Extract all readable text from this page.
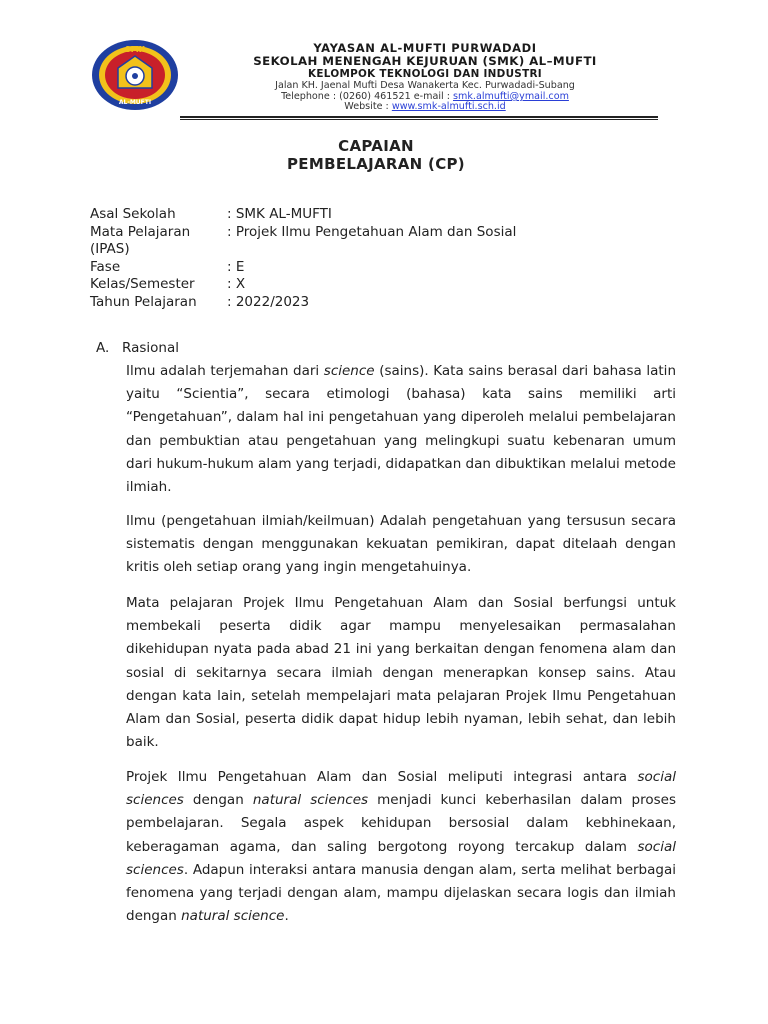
SMK
AL-MUFTI
YAYASAN AL-MUFTI PURWADADI
SEKOLAH MENENGAH KEJURUAN (SMK) AL–MUFTI
KELOMPOK TEKNOLOGI DAN INDUSTRI
Jalan KH. Jaenal Mufti Desa Wanakerta Kec. Purwadadi-Subang
Telephone : (0260) 461521 e-mail : smk.almufti@ymail.com
Website : www.smk-almufti.sch.id
CAPAIAN
PEMBELAJARAN (CP)
Asal Sekolah	: SMK AL-MUFTI
Mata Pelajaran	: Projek Ilmu Pengetahuan Alam dan Sosial
(IPAS)
Fase	: E
Kelas/Semester : X
Tahun Pelajaran : 2022/2023
A. Rasional
Ilmu adalah terjemahan dari science (sains). Kata sains berasal dari bahasa latin yaitu “Scientia”, secara etimologi (bahasa) kata sains memiliki arti “Pengetahuan”, dalam hal ini pengetahuan yang diperoleh melalui pembelajaran dan pembuktian atau pengetahuan yang melingkupi suatu kebenaran umum dari hukum-hukum alam yang terjadi, didapatkan dan dibuktikan melalui metode ilmiah.
Ilmu (pengetahuan ilmiah/keilmuan) Adalah pengetahuan yang tersusun secara sistematis dengan menggunakan kekuatan pemikiran, dapat ditelaah dengan kritis oleh setiap orang yang ingin mengetahuinya.
Mata pelajaran Projek Ilmu Pengetahuan Alam dan Sosial berfungsi untuk membekali peserta didik agar mampu menyelesaikan permasalahan dikehidupan nyata pada abad 21 ini yang berkaitan dengan fenomena alam dan sosial di sekitarnya secara ilmiah dengan menerapkan konsep sains. Atau dengan kata lain, setelah mempelajari mata pelajaran Projek Ilmu Pengetahuan Alam dan Sosial, peserta didik dapat hidup lebih nyaman, lebih sehat, dan lebih baik.
Projek Ilmu Pengetahuan Alam dan Sosial meliputi integrasi antara social sciences dengan natural sciences menjadi kunci keberhasilan dalam proses pembelajaran. Segala aspek kehidupan bersosial dalam kebhinekaan, keberagaman agama, dan saling bergotong royong tercakup dalam social sciences. Adapun interaksi antara manusia dengan alam, serta melihat berbagai fenomena yang terjadi dengan alam, mampu dijelaskan secara logis dan ilmiah dengan natural science.
